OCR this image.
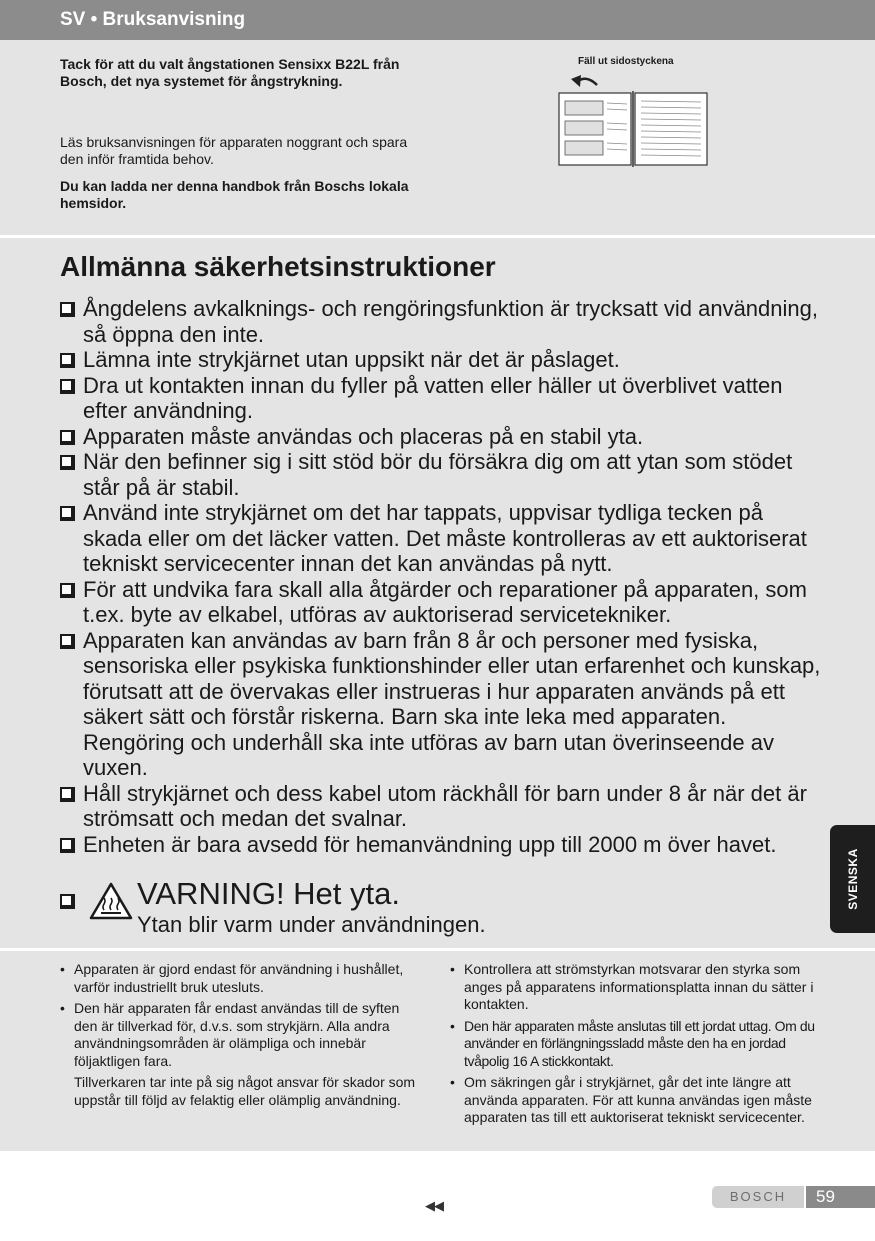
SV • Bruksanvisning

Tack för att du valt ångstationen Sensixx B22L från Bosch, det nya systemet för ångstrykning.

Läs bruksanvisningen för apparaten noggrant och spara den inför framtida behov.

Du kan ladda ner denna handbok från Boschs lokala hemsidor.

Fäll ut sidostyckena
Allmänna säkerhetsinstruktioner
Ångdelens avkalknings- och rengöringsfunktion är trycksatt vid användning, så öppna den inte.
Lämna inte strykjärnet utan uppsikt när det är påslaget.
Dra ut kontakten innan du fyller på vatten eller häller ut överblivet vatten efter användning.
Apparaten måste användas och placeras på en stabil yta.
När den befinner sig i sitt stöd bör du försäkra dig om att ytan som stödet står på är stabil.
Använd inte strykjärnet om det har tappats, uppvisar tydliga tecken på skada eller om det läcker vatten. Det måste kontrolleras av ett auktoriserat tekniskt servicecenter innan det kan användas på nytt.
För att undvika fara skall alla åtgärder och reparationer på apparaten, som t.ex. byte av elkabel, utföras av auktoriserad servicetekniker.
Apparaten kan användas av barn från 8 år och personer med fysiska, sensoriska eller psykiska funktionshinder eller utan erfarenhet och kunskap, förutsatt att de övervakas eller instrueras i hur apparaten används på ett säkert sätt och förstår riskerna. Barn ska inte leka med apparaten. Rengöring och underhåll ska inte utföras av barn utan överinseende av vuxen.
Håll strykjärnet och dess kabel utom räckhåll för barn under 8 år när det är strömsatt och medan det svalnar.
Enheten är bara avsedd för hemanvändning upp till 2000 m över havet.
VARNING! Het yta.
Ytan blir varm under användningen.
• Apparaten är gjord endast för användning i hushållet, varför industriellt bruk utesluts.
• Den här apparaten får endast användas till de syften den är tillverkad för, d.v.s. som strykjärn. Alla andra användningsområden är olämpliga och innebär följaktligen fara.
Tillverkaren tar inte på sig något ansvar för skador som uppstår till följd av felaktig eller olämplig användning.
• Kontrollera att strömstyrkan motsvarar den styrka som anges på apparatens informationsplatta innan du sätter i kontakten.
• Den här apparaten måste anslutas till ett jordat uttag. Om du använder en förlängningssladd måste den ha en jordad tvåpolig 16 A stickkontakt.
• Om säkringen går i strykjärnet, går det inte längre att använda apparaten. För att kunna användas igen måste apparaten tas till ett auktoriserat tekniskt servicecenter.
SVENSKA
◀◀
BOSCH	59
